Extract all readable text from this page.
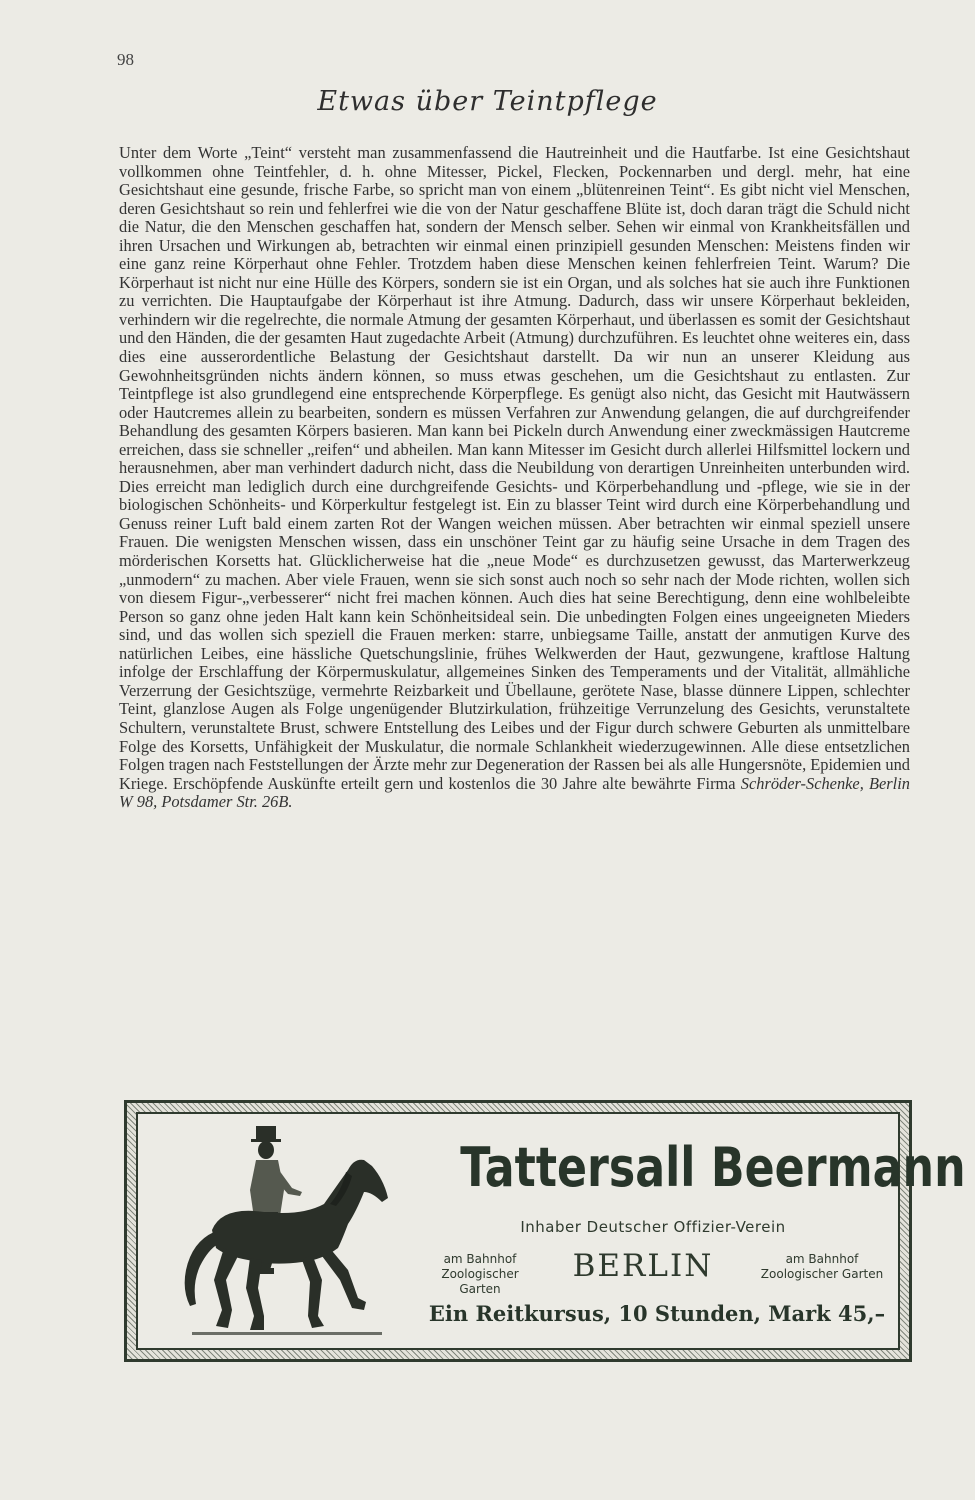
98
Etwas über Teintpflege
Unter dem Worte „Teint“ versteht man zusammenfassend die Hautreinheit und die Hautfarbe. Ist eine Gesichtshaut vollkommen ohne Teintfehler, d. h. ohne Mitesser, Pickel, Flecken, Pockennarben und dergl. mehr, hat eine Gesichtshaut eine gesunde, frische Farbe, so spricht man von einem „blütenreinen Teint“. Es gibt nicht viel Menschen, deren Gesichtshaut so rein und fehlerfrei wie die von der Natur geschaffene Blüte ist, doch daran trägt die Schuld nicht die Natur, die den Menschen geschaffen hat, sondern der Mensch selber. Sehen wir einmal von Krankheitsfällen und ihren Ursachen und Wirkungen ab, betrachten wir einmal einen prinzipiell gesunden Menschen: Meistens finden wir eine ganz reine Körperhaut ohne Fehler. Trotzdem haben diese Menschen keinen fehlerfreien Teint. Warum? Die Körperhaut ist nicht nur eine Hülle des Körpers, sondern sie ist ein Organ, und als solches hat sie auch ihre Funktionen zu verrichten. Die Hauptaufgabe der Körperhaut ist ihre Atmung. Dadurch, dass wir unsere Körperhaut bekleiden, verhindern wir die regelrechte, die normale Atmung der gesamten Körperhaut, und überlassen es somit der Gesichtshaut und den Händen, die der gesamten Haut zugedachte Arbeit (Atmung) durchzuführen. Es leuchtet ohne weiteres ein, dass dies eine ausserordentliche Belastung der Gesichtshaut darstellt. Da wir nun an unserer Kleidung aus Gewohnheitsgründen nichts ändern können, so muss etwas geschehen, um die Gesichtshaut zu entlasten. Zur Teintpflege ist also grundlegend eine entsprechende Körperpflege. Es genügt also nicht, das Gesicht mit Hautwässern oder Hautcremes allein zu bearbeiten, sondern es müssen Verfahren zur Anwendung gelangen, die auf durchgreifender Behandlung des gesamten Körpers basieren. Man kann bei Pickeln durch Anwendung einer zweckmässigen Hautcreme erreichen, dass sie schneller „reifen“ und abheilen. Man kann Mitesser im Gesicht durch allerlei Hilfsmittel lockern und herausnehmen, aber man verhindert dadurch nicht, dass die Neubildung von derartigen Unreinheiten unterbunden wird. Dies erreicht man lediglich durch eine durchgreifende Gesichts- und Körperbehandlung und -pflege, wie sie in der biologischen Schönheits- und Körperkultur festgelegt ist. Ein zu blasser Teint wird durch eine Körperbehandlung und Genuss reiner Luft bald einem zarten Rot der Wangen weichen müssen. Aber betrachten wir einmal speziell unsere Frauen. Die wenigsten Menschen wissen, dass ein unschöner Teint gar zu häufig seine Ursache in dem Tragen des mörderischen Korsetts hat. Glücklicherweise hat die „neue Mode“ es durchzusetzen gewusst, das Marterwerkzeug „unmodern“ zu machen. Aber viele Frauen, wenn sie sich sonst auch noch so sehr nach der Mode richten, wollen sich von diesem Figur-„verbesserer“ nicht frei machen können. Auch dies hat seine Berechtigung, denn eine wohlbeleibte Person so ganz ohne jeden Halt kann kein Schönheitsideal sein. Die unbedingten Folgen eines ungeeigneten Mieders sind, und das wollen sich speziell die Frauen merken: starre, unbiegsame Taille, anstatt der anmutigen Kurve des natürlichen Leibes, eine hässliche Quetschungslinie, frühes Welkwerden der Haut, gezwungene, kraftlose Haltung infolge der Erschlaffung der Körpermuskulatur, allgemeines Sinken des Temperaments und der Vitalität, allmähliche Verzerrung der Gesichtszüge, vermehrte Reizbarkeit und Übellaune, gerötete Nase, blasse dünnere Lippen, schlechter Teint, glanzlose Augen als Folge ungenügender Blutzirkulation, frühzeitige Verrunzelung des Gesichts, verunstaltete Schultern, verunstaltete Brust, schwere Entstellung des Leibes und der Figur durch schwere Geburten als unmittelbare Folge des Korsetts, Unfähigkeit der Muskulatur, die normale Schlankheit wiederzugewinnen. Alle diese entsetzlichen Folgen tragen nach Feststellungen der Ärzte mehr zur Degeneration der Rassen bei als alle Hungersnöte, Epidemien und Kriege. Erschöpfende Auskünfte erteilt gern und kostenlos die 30 Jahre alte bewährte Firma Schröder-Schenke, Berlin W 98, Potsdamer Str. 26B.
Tattersall Beermann
Inhaber Deutscher Offizier-Verein
am Bahnhof
Zoologischer Garten
BERLIN	am Bahnhof
Zoologischer Garten
Ein Reitkursus, 10 Stunden, Mark 45,–
